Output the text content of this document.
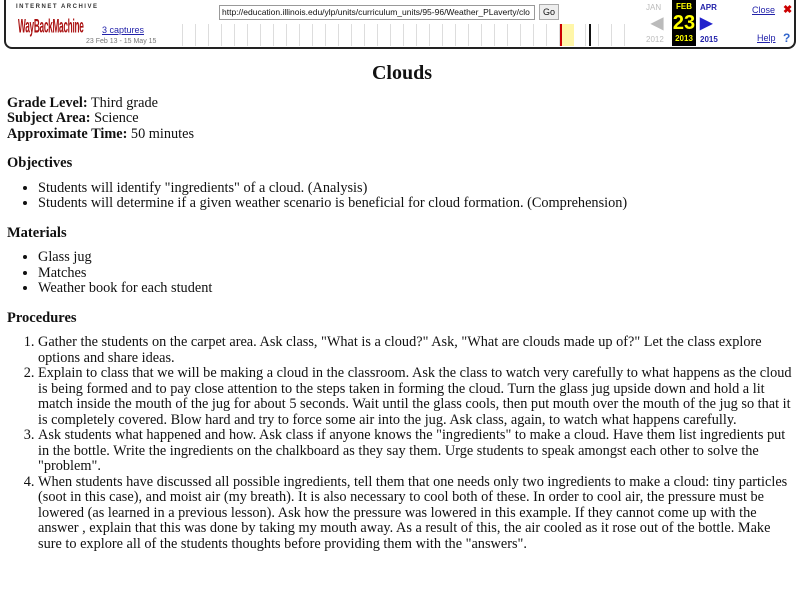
INTERNET ARCHIVE
WayBackMachine 3 captures
23 Feb 13 - 15 May 15
http://education.illinois.edu/ylp/units/curriculum_units/95-96/Weather_PLaverty/clo	Go	JAN
◀
2012
FEB
23
2013
APR
▶
2015
Close ✖
Help ?
Clouds

Grade Level: Third grade

Subject Area: Science

Approximate Time: 50 minutes

Objectives
• Students will identify "ingredients" of a cloud. (Analysis)
• Students will determine if a given weather scenario is beneficial for cloud formation. (Comprehension)
Materials
• Glass jug
• Matches
• Weather book for each student
Procedures
1. Gather the students on the carpet area. Ask class, "What is a cloud?" Ask, "What are clouds made up of?" Let the class explore options and share ideas.
2. Explain to class that we will be making a cloud in the classroom. Ask the class to watch very carefully to what happens as the cloud is being formed and to pay close attention to the steps taken in forming the cloud. Turn the glass jug upside down and hold a lit match inside the mouth of the jug for about 5 seconds. Wait until the glass cools, then put mouth over the mouth of the jug so that it is completely covered. Blow hard and try to force some air into the jug. Ask class, again, to watch what happens carefully.
3. Ask students what happened and how. Ask class if anyone knows the "ingredients" to make a cloud. Have them list ingredients put in the bottle. Write the ingredients on the chalkboard as they say them. Urge students to speak amongst each other to solve the "problem".
4. When students have discussed all possible ingredients, tell them that one needs only two ingredients to make a cloud: tiny particles (soot in this case), and moist air (my breath). It is also necessary to cool both of these. In order to cool air, the pressure must be lowered (as learned in a previous lesson). Ask how the pressure was lowered in this example. If they cannot come up with the answer , explain that this was done by taking my mouth away. As a result of this, the air cooled as it rose out of the bottle. Make sure to explore all of the students thoughts before providing them with the "answers".
